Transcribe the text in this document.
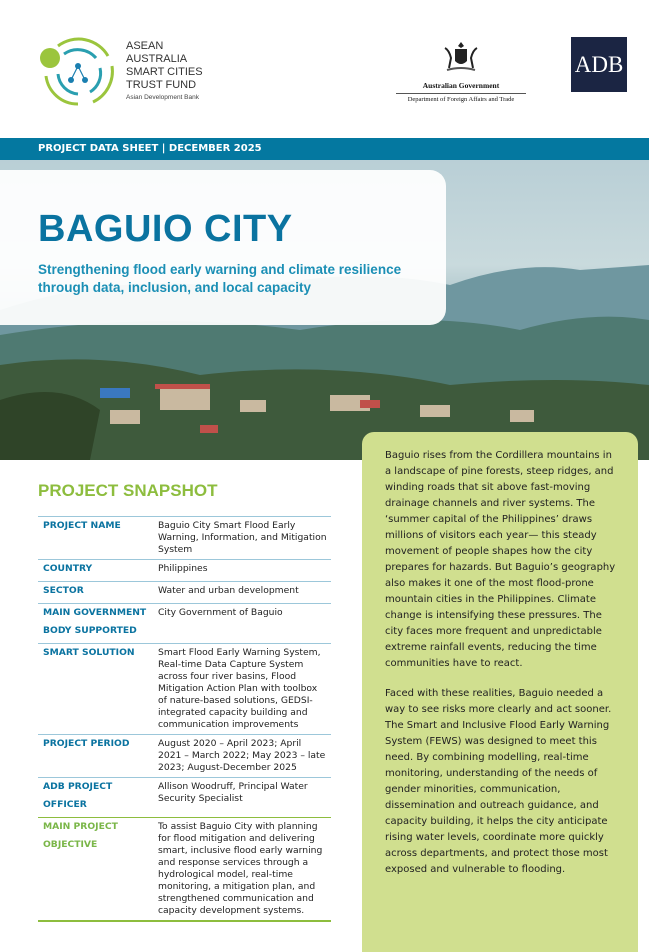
ASEAN
AUSTRALIA
SMART CITIES
TRUST FUND
Asian Development Bank
Australian Government
Department of Foreign Affairs and Trade
ADB
PROJECT DATA SHEET | DECEMBER 2025
BAGUIO CITY
Strengthening flood early warning and climate resilience through data, inclusion, and local capacity
PROJECT SNAPSHOT
PROJECT NAME	Baguio City Smart Flood Early Warning, Information, and Mitigation System
COUNTRY	Philippines
SECTOR	Water and urban development
MAIN GOVERNMENT BODY SUPPORTED	City Government of Baguio
SMART SOLUTION	Smart Flood Early Warning System, Real-time Data Capture System across four river basins, Flood Mitigation Action Plan with toolbox of nature-based solutions, GEDSI-integrated capacity building and communication improvements
PROJECT PERIOD	August 2020 – April 2023; April 2021 – March 2022; May 2023 – late 2023; August-December 2025
ADB PROJECT OFFICER	Allison Woodruff, Principal Water Security Specialist
MAIN PROJECT OBJECTIVE	To assist Baguio City with planning for flood mitigation and delivering smart, inclusive flood early warning and response services through a hydrological model, real-time monitoring, a mitigation plan, and strengthened communication and capacity development systems.

Baguio rises from the Cordillera mountains in a landscape of pine forests, steep ridges, and winding roads that sit above fast-moving drainage channels and river systems. The ‘summer capital of the Philippines’ draws millions of visitors each year— this steady movement of people shapes how the city prepares for hazards. But Baguio’s geography also makes it one of the most flood-prone mountain cities in the Philippines. Climate change is intensifying these pressures. The city faces more frequent and unpredictable extreme rainfall events, reducing the time communities have to react.

Faced with these realities, Baguio needed a way to see risks more clearly and act sooner. The Smart and Inclusive Flood Early Warning System (FEWS) was designed to meet this need. By combining modelling, real-time monitoring, understanding of the needs of gender minorities, communication, dissemination and outreach guidance, and capacity building, it helps the city anticipate rising water levels, coordinate more quickly across departments, and protect those most exposed and vulnerable to flooding.
